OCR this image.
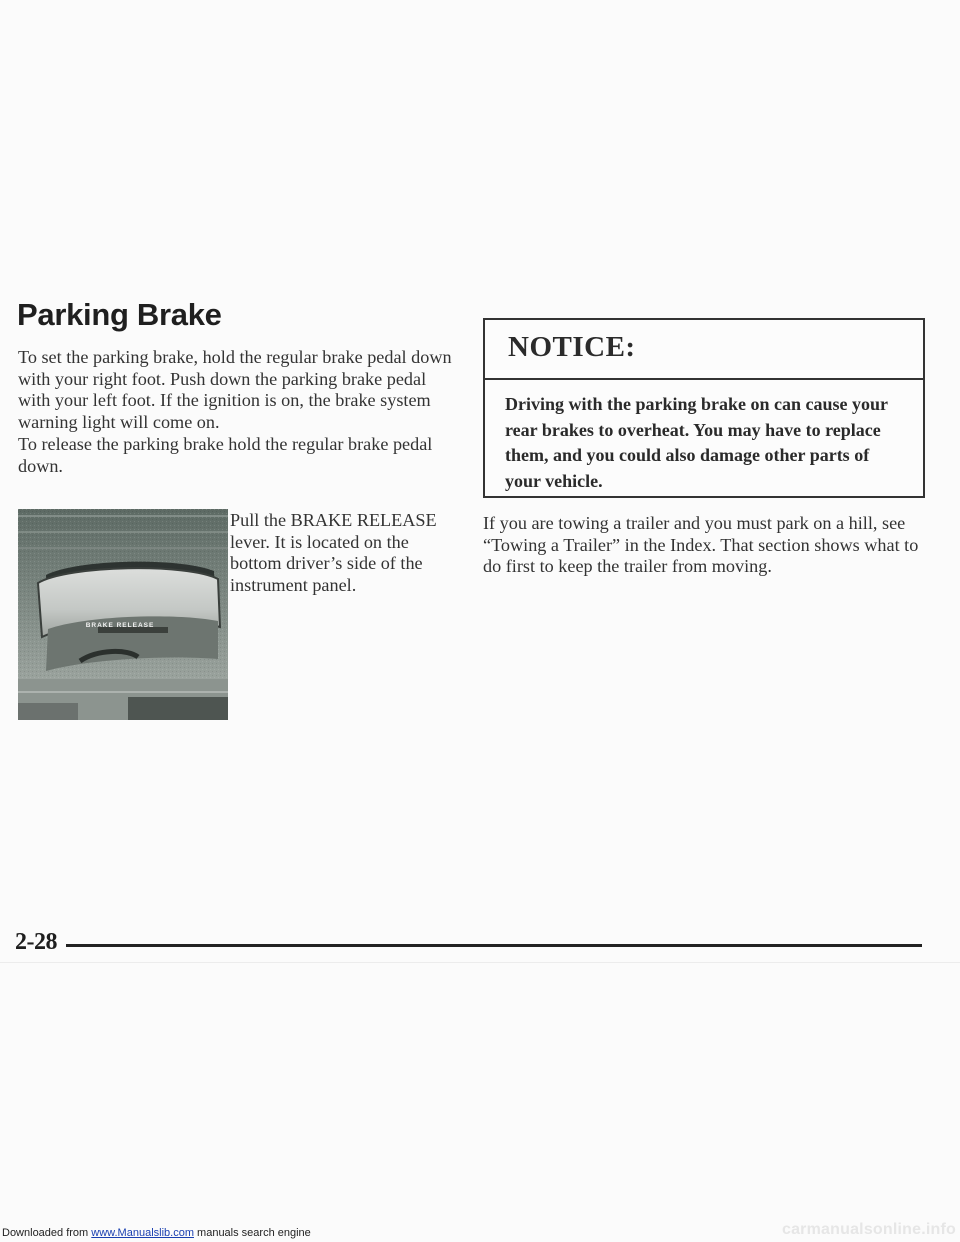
Parking Brake

To set the parking brake, hold the regular brake pedal down with your right foot. Push down the parking brake pedal with your left foot. If the ignition is on, the brake system warning light will come on.

To release the parking brake hold the regular brake pedal down.

BRAKE RELEASE

Pull the BRAKE RELEASE lever. It is located on the bottom driver’s side of the instrument panel.

NOTICE:

Driving with the parking brake on can cause your rear brakes to overheat. You may have to replace them, and you could also damage other parts of your vehicle.

If you are towing a trailer and you must park on a hill, see “Towing a Trailer” in the Index. That section shows what to do first to keep the trailer from moving.

2-28

Downloaded from www.Manualslib.com manuals search engine	carmanualsonline.info
